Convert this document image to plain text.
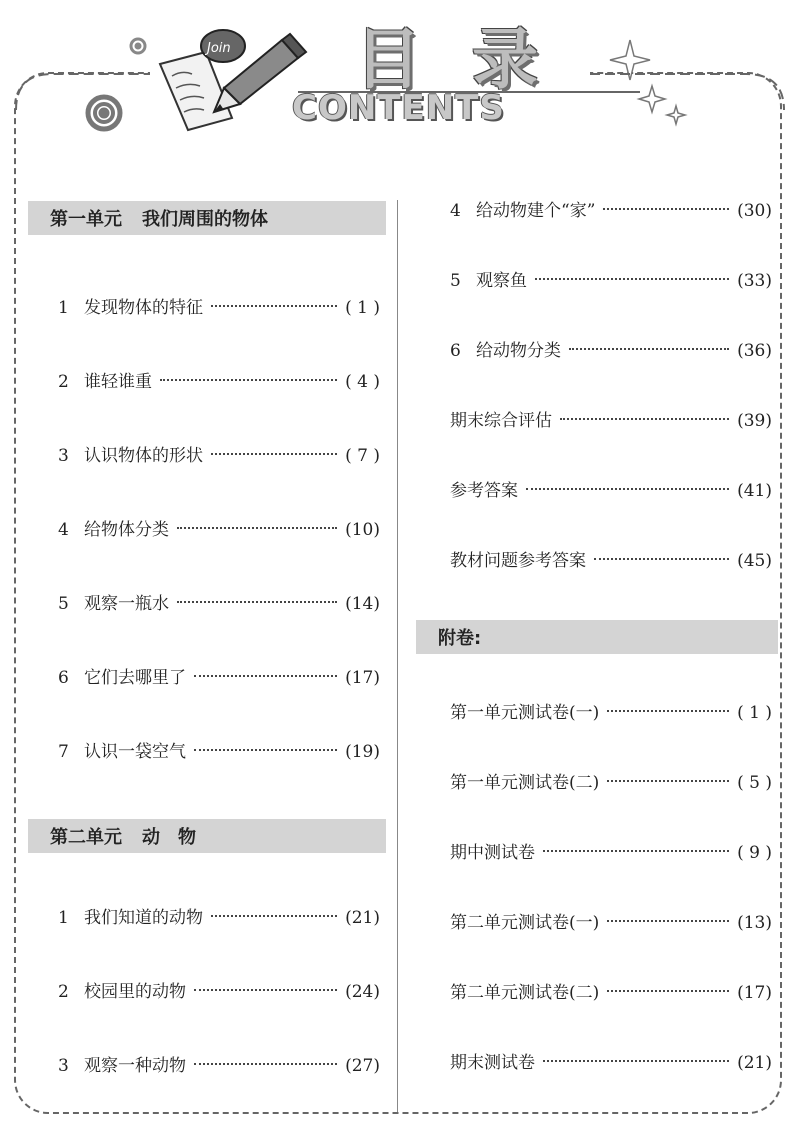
Join 目 录
CONTENTS
第一单元 我们周围的物体
1 发现物体的特征	( 1 )
2 谁轻谁重	( 4 )
3 认识物体的形状	( 7 )
4 给物体分类	(10)
5 观察一瓶水	(14)
6 它们去哪里了	(17)
7 认识一袋空气	(19)
第二单元 动　物
1 我们知道的动物	(21)
2 校园里的动物	(24)
3 观察一种动物	(27)
4 给动物建个“家”	(30)
5 观察鱼	(33)
6 给动物分类	(36)
期末综合评估	(39)
参考答案	(41)
教材问题参考答案	(45)
附卷:
第一单元测试卷(一)	( 1 )
第一单元测试卷(二)	( 5 )
期中测试卷	( 9 )
第二单元测试卷(一)	(13)
第二单元测试卷(二)	(17)
期末测试卷	(21)
